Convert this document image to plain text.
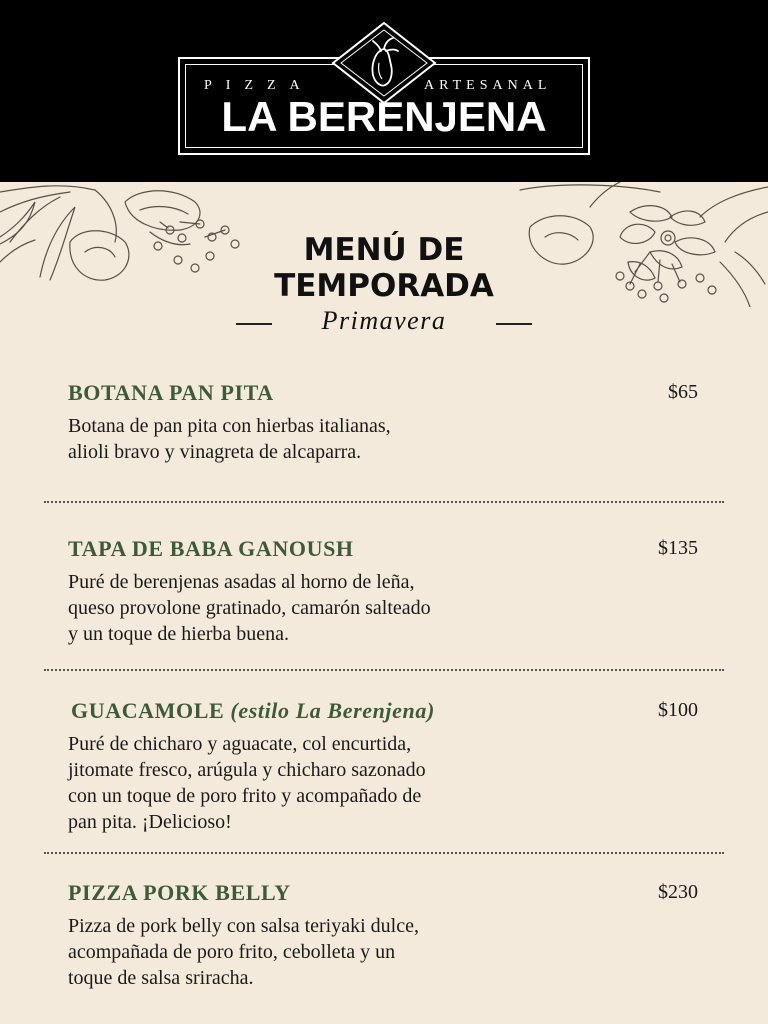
PIZZA	ARTESANAL
LA BERENJENA
MENÚ DE
TEMPORADA
Primavera
BOTANA PAN PITA	$65
Botana de pan pita con hierbas italianas,
alioli bravo y vinagreta de alcaparra.
TAPA DE BABA GANOUSH	$135
Puré de berenjenas asadas al horno de leña,
queso provolone gratinado, camarón salteado
y un toque de hierba buena.
GUACAMOLE (estilo La Berenjena)	$100
Puré de chicharo y aguacate, col encurtida,
jitomate fresco, arúgula y chicharo sazonado
con un toque de poro frito y acompañado de
pan pita. ¡Delicioso!
PIZZA PORK BELLY	$230
Pizza de pork belly con salsa teriyaki dulce,
acompañada de poro frito, cebolleta y un
toque de salsa sriracha.
